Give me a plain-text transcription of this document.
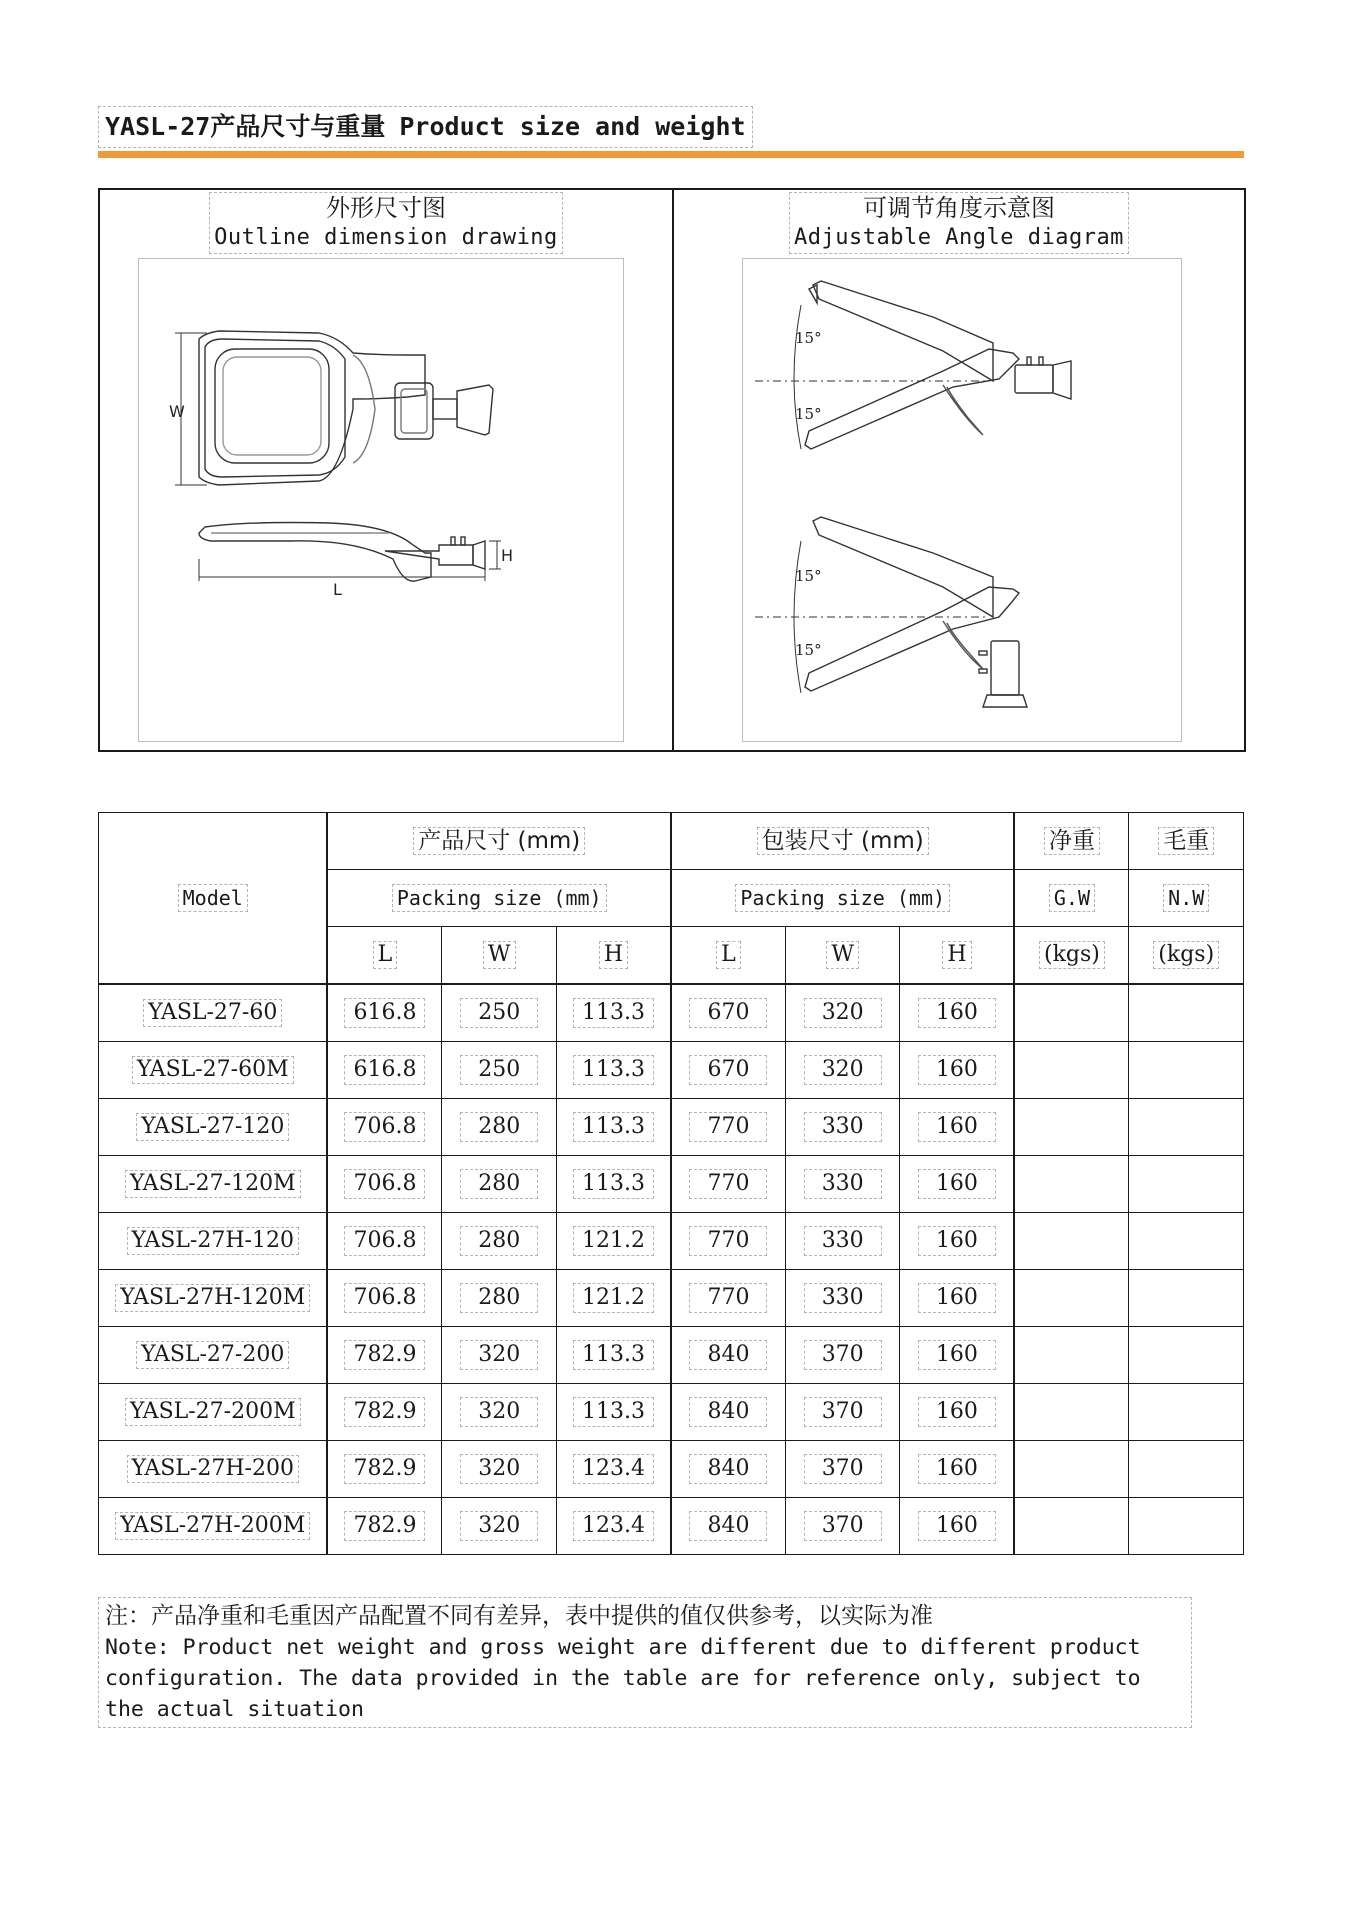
YASL-27产品尺寸与重量 Product size and weight
外形尺寸图
Outline dimension drawing
W
H
L
可调节角度示意图
Adjustable Angle diagram
15°
15°
15°
15°
Model	产品尺寸 (mm)			包装尺寸 (mm)			净重	毛重
	Packing size (mm)			Packing size (mm)			G.W	N.W
	L	W	H	L	W	H	(kgs)	(kgs)
YASL-27-60	616.8	250	113.3	670	320	160		
YASL-27-60M	616.8	250	113.3	670	320	160		
YASL-27-120	706.8	280	113.3	770	330	160		
YASL-27-120M	706.8	280	113.3	770	330	160		
YASL-27H-120	706.8	280	121.2	770	330	160		
YASL-27H-120M	706.8	280	121.2	770	330	160		
YASL-27-200	782.9	320	113.3	840	370	160		
YASL-27-200M	782.9	320	113.3	840	370	160		
YASL-27H-200	782.9	320	123.4	840	370	160		
YASL-27H-200M	782.9	320	123.4	840	370	160		
注：产品净重和毛重因产品配置不同有差异，表中提供的值仅供参考，以实际为准
Note: Product net weight and gross weight are different due to different product configuration. The data provided in the table are for reference only, subject to the actual situation
